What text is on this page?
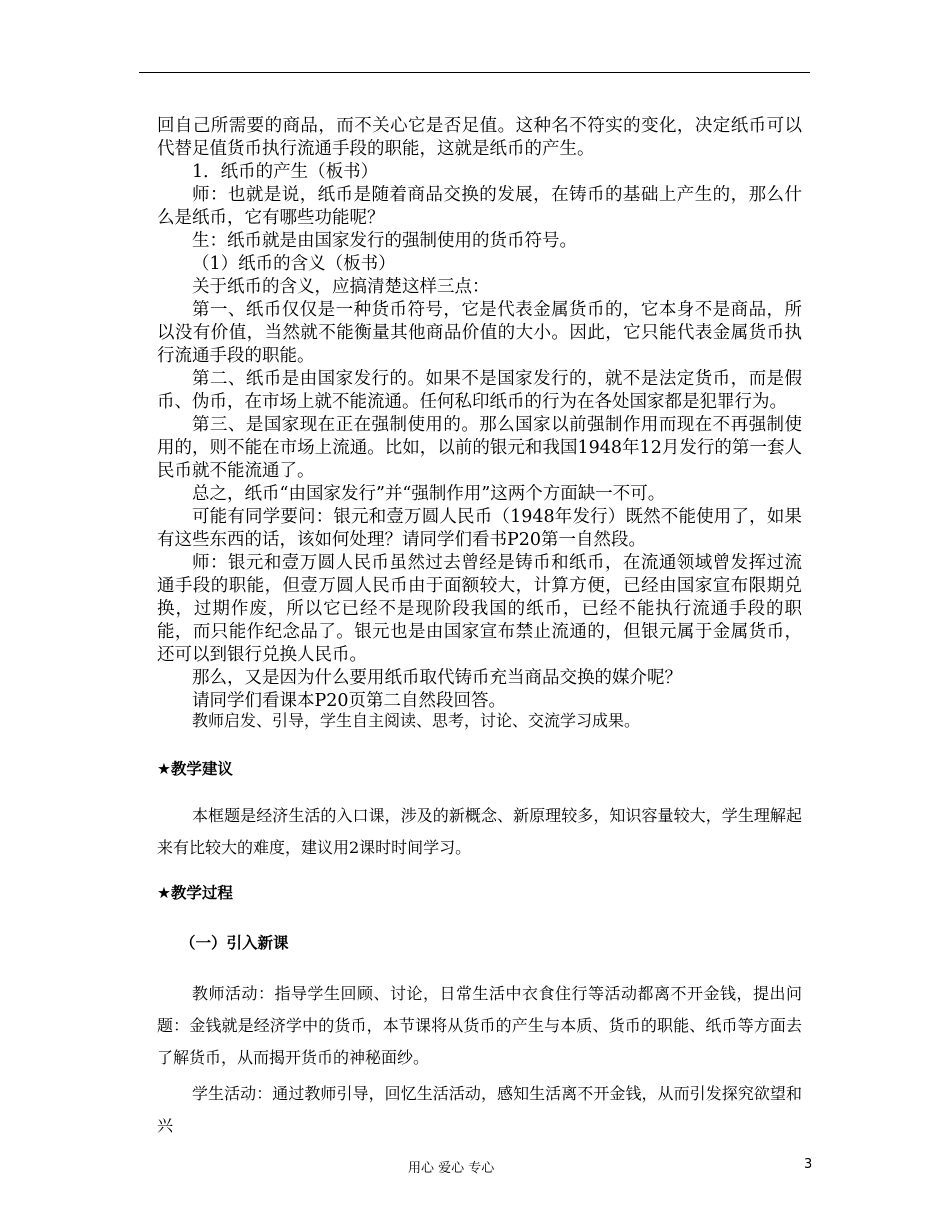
回自己所需要的商品，而不关心它是否足值。这种名不符实的变化，决定纸币可以代替足值货币执行流通手段的职能，这就是纸币的产生。

1．纸币的产生（板书）

师：也就是说，纸币是随着商品交换的发展，在铸币的基础上产生的，那么什么是纸币，它有哪些功能呢？

生：纸币就是由国家发行的强制使用的货币符号。

（1）纸币的含义（板书）

关于纸币的含义，应搞清楚这样三点：

第一、纸币仅仅是一种货币符号，它是代表金属货币的，它本身不是商品，所以没有价值，当然就不能衡量其他商品价值的大小。因此，它只能代表金属货币执行流通手段的职能。

第二、纸币是由国家发行的。如果不是国家发行的，就不是法定货币，而是假币、伪币，在市场上就不能流通。任何私印纸币的行为在各处国家都是犯罪行为。

第三、是国家现在正在强制使用的。那么国家以前强制作用而现在不再强制使用的，则不能在市场上流通。比如，以前的银元和我国1948年12月发行的第一套人民币就不能流通了。

总之，纸币“由国家发行”并“强制作用”这两个方面缺一不可。

可能有同学要问：银元和壹万圆人民币（1948年发行）既然不能使用了，如果有这些东西的话，该如何处理？请同学们看书P20第一自然段。

师：银元和壹万圆人民币虽然过去曾经是铸币和纸币，在流通领域曾发挥过流通手段的职能，但壹万圆人民币由于面额较大，计算方便，已经由国家宣布限期兑换，过期作废，所以它已经不是现阶段我国的纸币，已经不能执行流通手段的职能，而只能作纪念品了。银元也是由国家宣布禁止流通的，但银元属于金属货币，还可以到银行兑换人民币。

那么，又是因为什么要用纸币取代铸币充当商品交换的媒介呢？

请同学们看课本P20页第二自然段回答。

教师启发、引导，学生自主阅读、思考，讨论、交流学习成果。

★教学建议

本框题是经济生活的入口课，涉及的新概念、新原理较多，知识容量较大，学生理解起来有比较大的难度，建议用2课时时间学习。

★教学过程

（一）引入新课

教师活动：指导学生回顾、讨论，日常生活中衣食住行等活动都离不开金钱，提出问题：金钱就是经济学中的货币，本节课将从货币的产生与本质、货币的职能、纸币等方面去了解货币，从而揭开货币的神秘面纱。

学生活动：通过教师引导，回忆生活活动，感知生活离不开金钱，从而引发探究欲望和兴

用心 爱心 专心	3
